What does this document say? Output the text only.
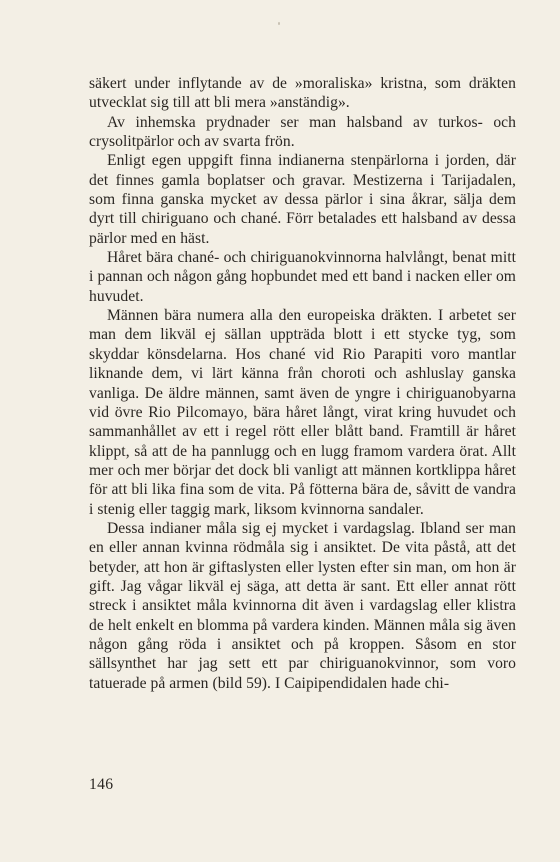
säkert under inflytande av de »moraliska» kristna, som dräkten utvecklat sig till att bli mera »anständig».

Av inhemska prydnader ser man halsband av turkos- och crysolitpärlor och av svarta frön.

Enligt egen uppgift finna indianerna stenpärlorna i jorden, där det finnes gamla boplatser och gravar. Mestizerna i Tarijadalen, som finna ganska mycket av dessa pärlor i sina åkrar, sälja dem dyrt till chiriguano och chané. Förr betalades ett halsband av dessa pärlor med en häst.

Håret bära chané- och chiriguanokvinnorna halvlångt, benat mitt i pannan och någon gång hopbundet med ett band i nacken eller om huvudet.

Männen bära numera alla den europeiska dräkten. I arbetet ser man dem likväl ej sällan uppträda blott i ett stycke tyg, som skyddar könsdelarna. Hos chané vid Rio Parapiti voro mantlar liknande dem, vi lärt känna från choroti och ashluslay ganska vanliga. De äldre männen, samt även de yngre i chiriguanobyarna vid övre Rio Pilcomayo, bära håret långt, virat kring huvudet och sammanhållet av ett i regel rött eller blått band. Framtill är håret klippt, så att de ha pannlugg och en lugg framom vardera örat. Allt mer och mer börjar det dock bli vanligt att männen kortklippa håret för att bli lika fina som de vita. På fötterna bära de, såvitt de vandra i stenig eller taggig mark, liksom kvinnorna sandaler.

Dessa indianer måla sig ej mycket i vardagslag. Ibland ser man en eller annan kvinna rödmåla sig i ansiktet. De vita påstå, att det betyder, att hon är giftaslysten eller lysten efter sin man, om hon är gift. Jag vågar likväl ej säga, att detta är sant. Ett eller annat rött streck i ansiktet måla kvinnorna dit även i vardagslag eller klistra de helt enkelt en blomma på vardera kinden. Männen måla sig även någon gång röda i ansiktet och på kroppen. Såsom en stor sällsynthet har jag sett ett par chiriguanokvinnor, som voro tatuerade på armen (bild 59). I Caipipendidalen hade chi-

146
